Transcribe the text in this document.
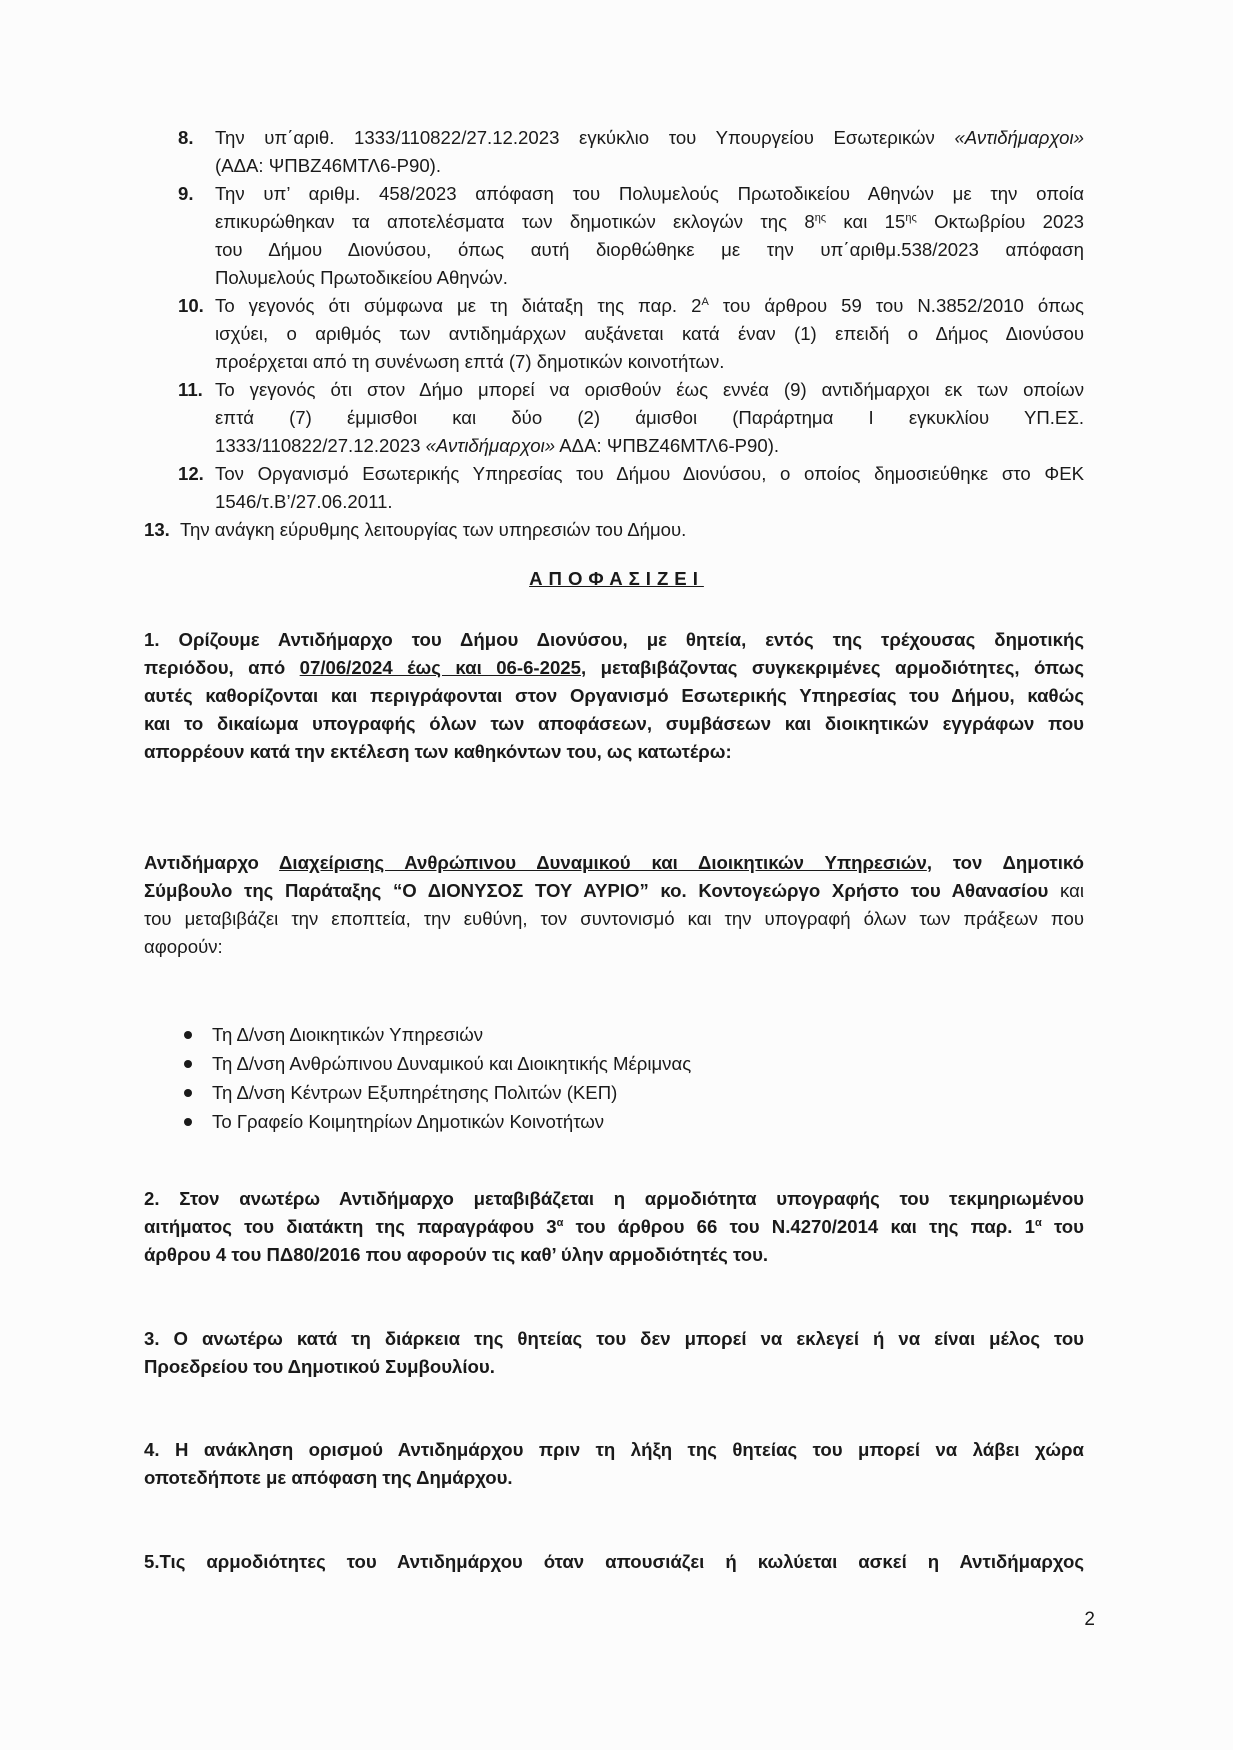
8. Την υπ΄αριθ. 1333/110822/27.12.2023 εγκύκλιο του Υπουργείου Εσωτερικών «Αντιδήμαρχοι»
(ΑΔΑ: ΨΠΒΖ46ΜΤΛ6-Ρ90).
9. Την υπ’ αριθμ. 458/2023 απόφαση του Πολυμελούς Πρωτοδικείου Αθηνών με την οποία
επικυρώθηκαν τα αποτελέσματα των δημοτικών εκλογών της $8^{\eta\varsigma}$ και $15^{\eta\varsigma}$ Οκτωβρίου 2023
του Δήμου Διονύσου, όπως αυτή διορθώθηκε με την υπ΄αριθμ.538/2023 απόφαση
Πολυμελούς Πρωτοδικείου Αθηνών.
10. Το γεγονός ότι σύμφωνα με τη διάταξη της παρ. $2^A$ του άρθρου 59 του Ν.3852/2010 όπως
ισχύει, ο αριθμός των αντιδημάρχων αυξάνεται κατά έναν (1) επειδή ο Δήμος Διονύσου
προέρχεται από τη συνένωση επτά (7) δημοτικών κοινοτήτων.
11. Το γεγονός ότι στον Δήμο μπορεί να ορισθούν έως εννέα (9) αντιδήμαρχοι εκ των οποίων
επτά (7) έμμισθοι και δύο (2) άμισθοι (Παράρτημα Ι εγκυκλίου ΥΠ.ΕΣ.
1333/110822/27.12.2023 «Αντιδήμαρχοι» ΑΔΑ: ΨΠΒΖ46ΜΤΛ6-Ρ90).
12. Τον Οργανισμό Εσωτερικής Υπηρεσίας του Δήμου Διονύσου, ο οποίος δημοσιεύθηκε στο ΦΕΚ
1546/τ.Β’/27.06.2011.
13. Την ανάγκη εύρυθμης λειτουργίας των υπηρεσιών του Δήμου.
ΑΠΟΦΑΣΙΖΕΙ
1. Ορίζουμε Αντιδήμαρχο του Δήμου Διονύσου, με θητεία, εντός της τρέχουσας δημοτικής
περιόδου, από 07/06/2024 έως και 06-6-2025, μεταβιβάζοντας συγκεκριμένες αρμοδιότητες, όπως
αυτές καθορίζονται και περιγράφονται στον Οργανισμό Εσωτερικής Υπηρεσίας του Δήμου, καθώς
και το δικαίωμα υπογραφής όλων των αποφάσεων, συμβάσεων και διοικητικών εγγράφων που
απορρέουν κατά την εκτέλεση των καθηκόντων του, ως κατωτέρω:
Αντιδήμαρχο Διαχείρισης Ανθρώπινου Δυναμικού και Διοικητικών Υπηρεσιών, τον Δημοτικό
Σύμβουλο της Παράταξης “Ο ΔΙΟΝΥΣΟΣ ΤΟΥ ΑΥΡΙΟ” κο. Κοντογεώργο Χρήστο του Αθανασίου και
του μεταβιβάζει την εποπτεία, την ευθύνη, τον συντονισμό και την υπογραφή όλων των πράξεων που
αφορούν:
Τη Δ/νση Διοικητικών Υπηρεσιών
Τη Δ/νση Ανθρώπινου Δυναμικού και Διοικητικής Μέριμνας
Τη Δ/νση Κέντρων Εξυπηρέτησης Πολιτών (ΚΕΠ)
Το Γραφείο Κοιμητηρίων Δημοτικών Κοινοτήτων
2. Στον ανωτέρω Αντιδήμαρχο μεταβιβάζεται η αρμοδιότητα υπογραφής του τεκμηριωμένου
αιτήματος του διατάκτη της παραγράφου $3^\alpha$ του άρθρου 66 του Ν.4270/2014 και της παρ. $1^\alpha$ του
άρθρου 4 του ΠΔ80/2016 που αφορούν τις καθ’ ύλην αρμοδιότητές του.
3. Ο ανωτέρω κατά τη διάρκεια της θητείας του δεν μπορεί να εκλεγεί ή να είναι μέλος του
Προεδρείου του Δημοτικού Συμβουλίου.
4. Η ανάκληση ορισμού Αντιδημάρχου πριν τη λήξη της θητείας του μπορεί να λάβει χώρα
οποτεδήποτε με απόφαση της Δημάρχου.
5.Τις αρμοδιότητες του Αντιδημάρχου όταν απουσιάζει ή κωλύεται ασκεί η Αντιδήμαρχος
2
